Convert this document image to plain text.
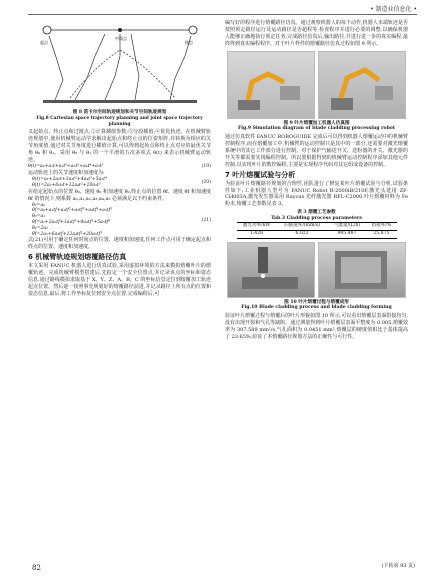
• 制造业信息化 •
起点	终点
中间点
图 8 笛卡尔空间轨迹规划和关节空间轨迹规划
Fig.8 Cartesian space trajectory planning and joint space trajectory planning

义起始点、终止点和过渡点;②计算插值参数;③分段插值;④优化轨迹。在机械臂轨迹规划中,使用机械臂运动学求解出起始点和终止点的位姿矩阵,并转换为相应的关节角度值,通过对关节角度进行插值计算,可以得到起始点和终止点对应的最优关节角 θ₀ 和 θ₁。采用 θ₀ 与 θ₁ 的一个平滑的五次多项式 θ(t) 来表示机械臂运动轨迹。

θ(t)=a₀+a₁t+a₂t²+a₃t³+a₄t⁴+a₅t⁵	(19)

运动轨迹上的关节速度和加速度为:

θ̇(t)=a₁+2a₂t+3a₃t²+4a₄t³+5a₅t⁴
θ̈(t)=2a₂+6a₃t+12a₄t²+20a₅t³
(20)

在给定起始点的位置 θ₀、速度 θ̇₀ 和加速度 θ̈₀,终止点的位置 θf、速度 θ̇f 和加速度 θ̈f 的情况下,则系数 a₀,a₁,a₂,a₃,a₄,a₅ 必须满足以下约束条件。

θ₀=a₀
θf=a₀+a₁tf+a₂tf²+a₃tf³+a₄tf⁴+a₅tf⁵
θ̇₀=a₁
θ̇f=a₁+2a₂tf+3a₃tf²+4a₄tf³+5a₅tf⁴
θ̈₀=2a₂
θ̈f=2a₂+6a₃tf+12a₄tf²+20a₅tf³
(21)

式(21)可用于确定任何时间点的位置、速度和加速度,任何工作点可用于确定起点和终点的位置、速度和加速度。

6 机械臂轨迹规划熔覆路径仿真

本文采用 FANUC 机器人进行仿真试验,采用虚拟环境的方法来模拟熔覆叶片的熔覆轨迹。完成机械臂模型搭建后,先拟定一个安全位置点,并记录该点的坐标和姿态信息,通过路线模拟求取基于 X、Y、Z、A、B、C 的坐标信息定位到熔覆加工轨迹起点位置。然后逐一按照事先规划好的熔覆路径前进,并记录路径上所有点的位置和姿态信息,最后,将工作坐标复位到安全点位置,完成编程后,可

编写好的程序进行熔覆路径仿真。通过观察机器人的每个动作,机器人末端轨迹是否按照预定路径运行及运动路径是否超程等,检查程序并进行必要的调整,以确保机器人能够正确地执行预定任务,完成路径仿真后,输出路径,并进行进一步的真实编程,最终得到真实编程程序。对于叶片样件的熔覆路径仿真过程如图 9 所示。

图 9 叶片熔覆加工机器人仿真图
Fig.9 Simulation diagram of blade cladding processing robot

通过仿真软件 FANUC ROBOGUIDE 完成后可以得到机器人熔覆运动中的机械臂控制程序,而在熔覆加工中,机械臂的运动控制只是其中的一部分,还需要对激光熔覆系统中的其它工作部分进行控制。对于保护气输送开关、送粉器的开关、激光器的开关等都需要实现编程控制。所以要根据得到的机械臂运动控制程序添加其他元件控制,以实现叶片的数控编程,主要是实现程序代码对其它组成设备的控制。

7 叶片熔覆试验与分析

为验证叶片熔覆路径规划的合理性,团队进行了修复某叶片熔覆试验与分析,试验条件如下:工业机器人型号为 FANUC Robot R-2000iB/210F,激光头选用 ZF-CH003A,激光发生器采用 Raycus 光纤激光器 RFL-C2000,叶片熔覆材料为 Fe 粉末,熔覆工艺参数见表 3。

表 3 熔覆工艺参数
Tab.3 Cladding process parameters
激光功率/kW	扫描速率/(mm/s)	气流量/(L/h)	搭接率/%
1.428	6.023	995.487	25.875
图 10 叶片熔覆过程与熔覆成形
Fig.10 Blade cladding process and blade cladding forming

验证叶片熔覆过程与熔覆后的叶片形貌如图 10 所示,可以看出熔覆层表面搭接均匀,没有出现开裂和气孔等缺陷。通过测量得到叶片熔覆层表面平整度为 0.005,熔覆效率为 307.589 mm²/s,气孔面积为 0.0451 mm²,熔覆层的硬度值相比于基体提高了 23.65%,验证了本熔覆路径规划方法的正确性与可行性。

82	(下转第 93 页)
